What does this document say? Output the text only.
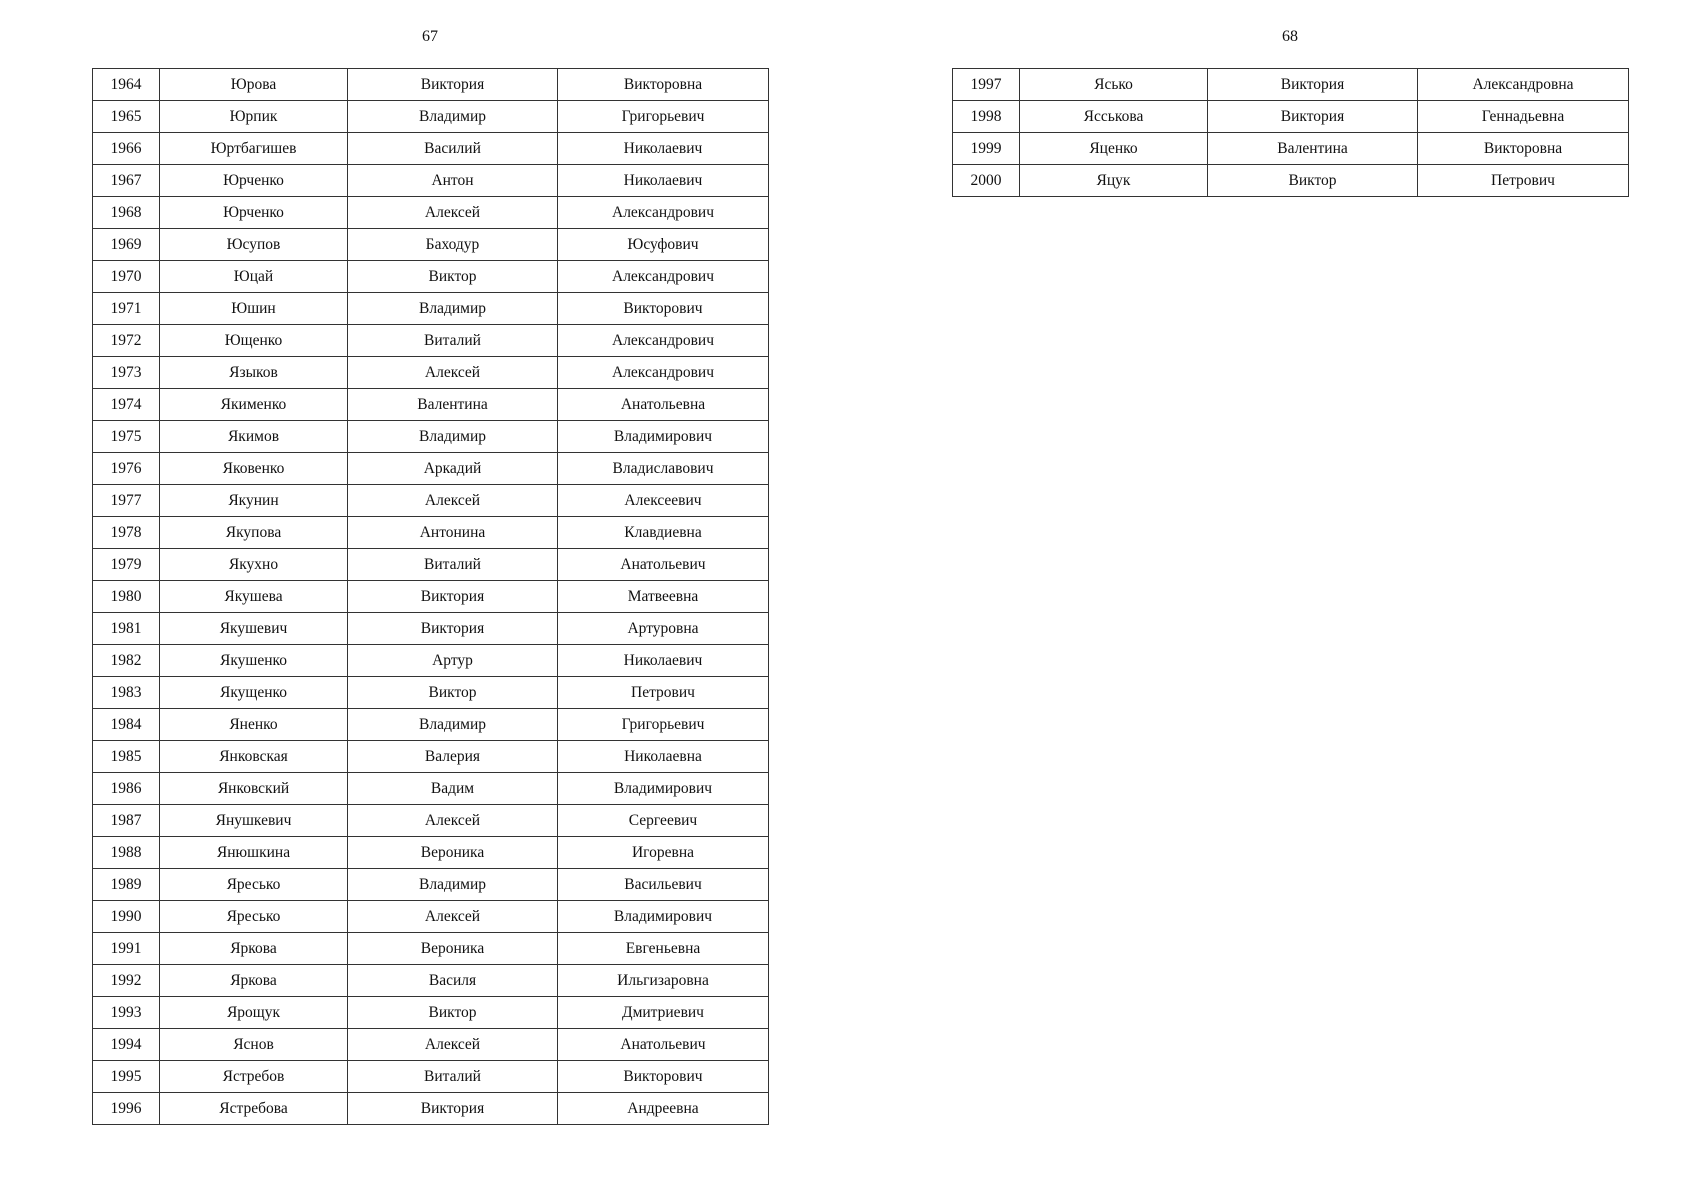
67
1964	Юрова	Виктория	Викторовна
1965	Юрпик	Владимир	Григорьевич
1966	Юртбагишев	Василий	Николаевич
1967	Юрченко	Антон	Николаевич
1968	Юрченко	Алексей	Александрович
1969	Юсупов	Баходур	Юсуфович
1970	Юцай	Виктор	Александрович
1971	Юшин	Владимир	Викторович
1972	Ющенко	Виталий	Александрович
1973	Языков	Алексей	Александрович
1974	Якименко	Валентина	Анатольевна
1975	Якимов	Владимир	Владимирович
1976	Яковенко	Аркадий	Владиславович
1977	Якунин	Алексей	Алексеевич
1978	Якупова	Антонина	Клавдиевна
1979	Якухно	Виталий	Анатольевич
1980	Якушева	Виктория	Матвеевна
1981	Якушевич	Виктория	Артуровна
1982	Якушенко	Артур	Николаевич
1983	Якущенко	Виктор	Петрович
1984	Яненко	Владимир	Григорьевич
1985	Янковская	Валерия	Николаевна
1986	Янковский	Вадим	Владимирович
1987	Янушкевич	Алексей	Сергеевич
1988	Янюшкина	Вероника	Игоревна
1989	Яресько	Владимир	Васильевич
1990	Яресько	Алексей	Владимирович
1991	Яркова	Вероника	Евгеньевна
1992	Яркова	Василя	Ильгизаровна
1993	Ярощук	Виктор	Дмитриевич
1994	Яснов	Алексей	Анатольевич
1995	Ястребов	Виталий	Викторович
1996	Ястребова	Виктория	Андреевна
68
1997	Ясько	Виктория	Александровна
1998	Ясськова	Виктория	Геннадьевна
1999	Яценко	Валентина	Викторовна
2000	Яцук	Виктор	Петрович
